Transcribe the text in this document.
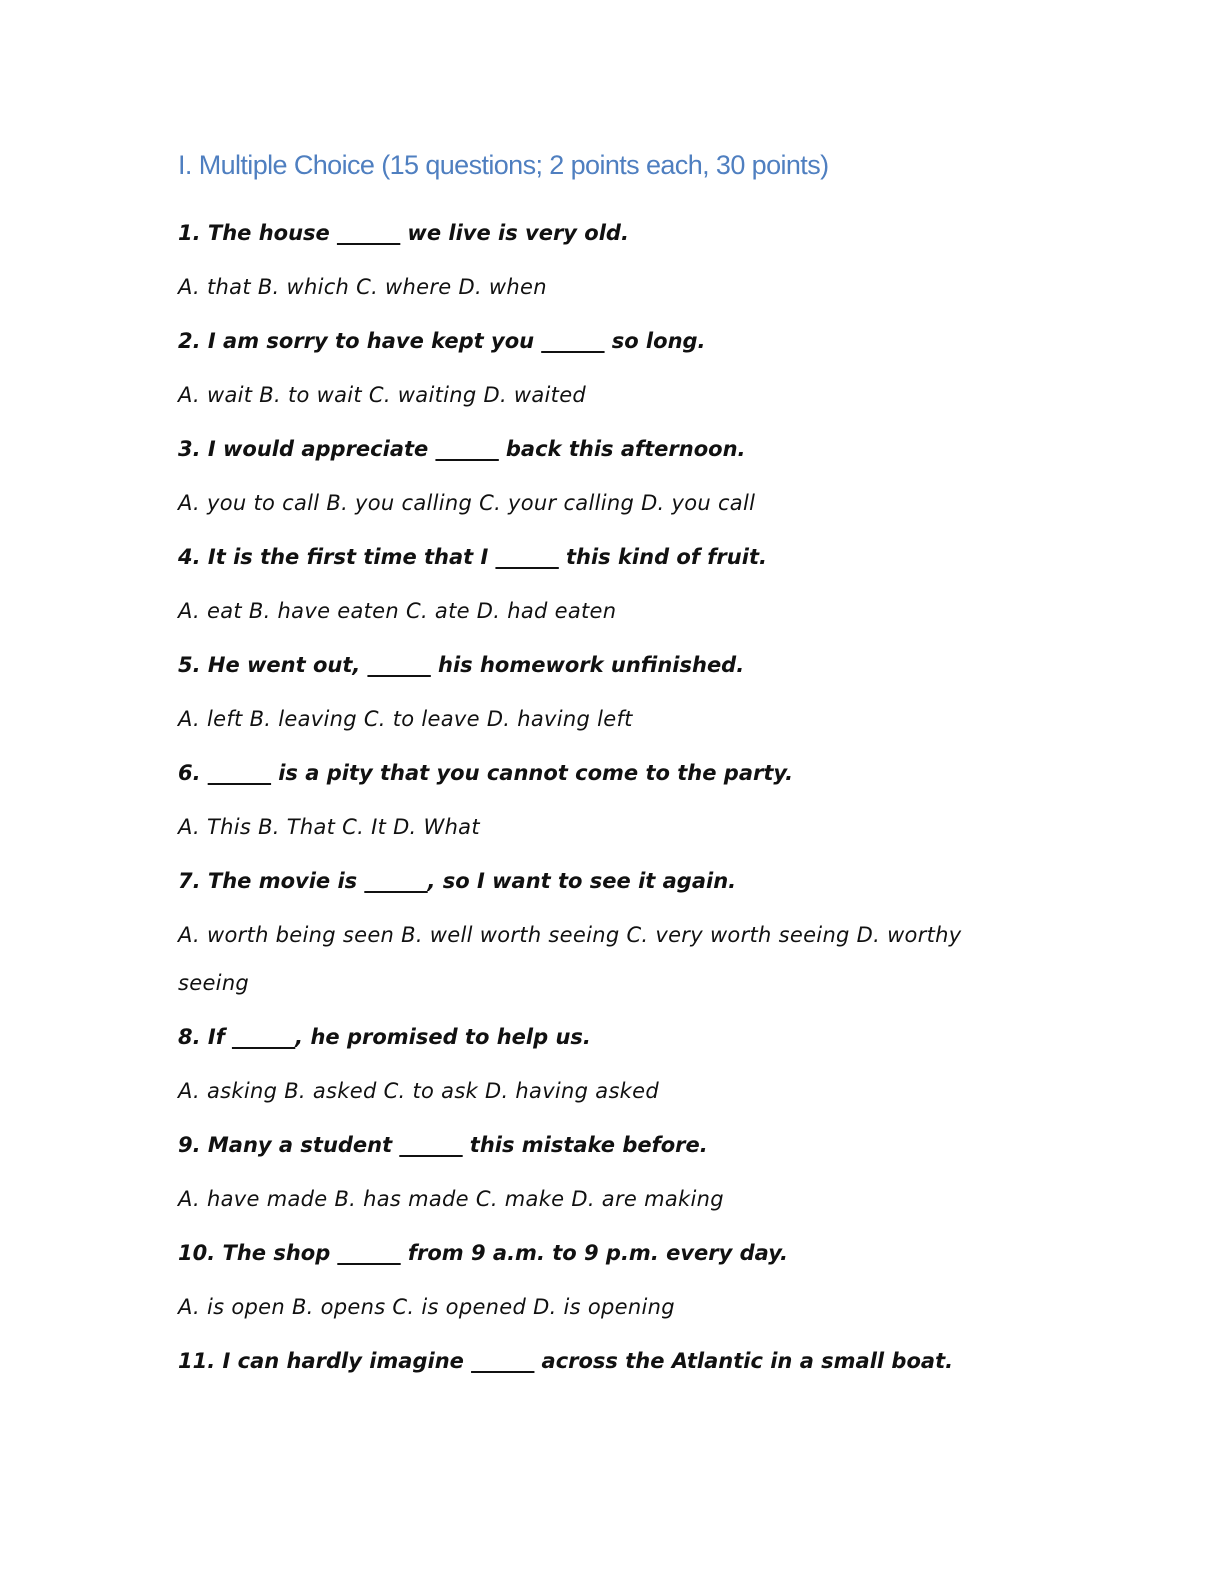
I. Multiple Choice (15 questions; 2 points each, 30 points)

1. The house ______ we live is very old.

A. that B. which C. where D. when

2. I am sorry to have kept you ______ so long.

A. wait B. to wait C. waiting D. waited

3. I would appreciate ______ back this afternoon.

A. you to call B. you calling C. your calling D. you call

4. It is the first time that I ______ this kind of fruit.

A. eat B. have eaten C. ate D. had eaten

5. He went out, ______ his homework unfinished.

A. left B. leaving C. to leave D. having left

6. ______ is a pity that you cannot come to the party.

A. This B. That C. It D. What

7. The movie is ______, so I want to see it again.

A. worth being seen B. well worth seeing C. very worth seeing D. worthy seeing

8. If ______, he promised to help us.

A. asking B. asked C. to ask D. having asked

9. Many a student ______ this mistake before.

A. have made B. has made C. make D. are making

10. The shop ______ from 9 a.m. to 9 p.m. every day.

A. is open B. opens C. is opened D. is opening

11. I can hardly imagine ______ across the Atlantic in a small boat.
